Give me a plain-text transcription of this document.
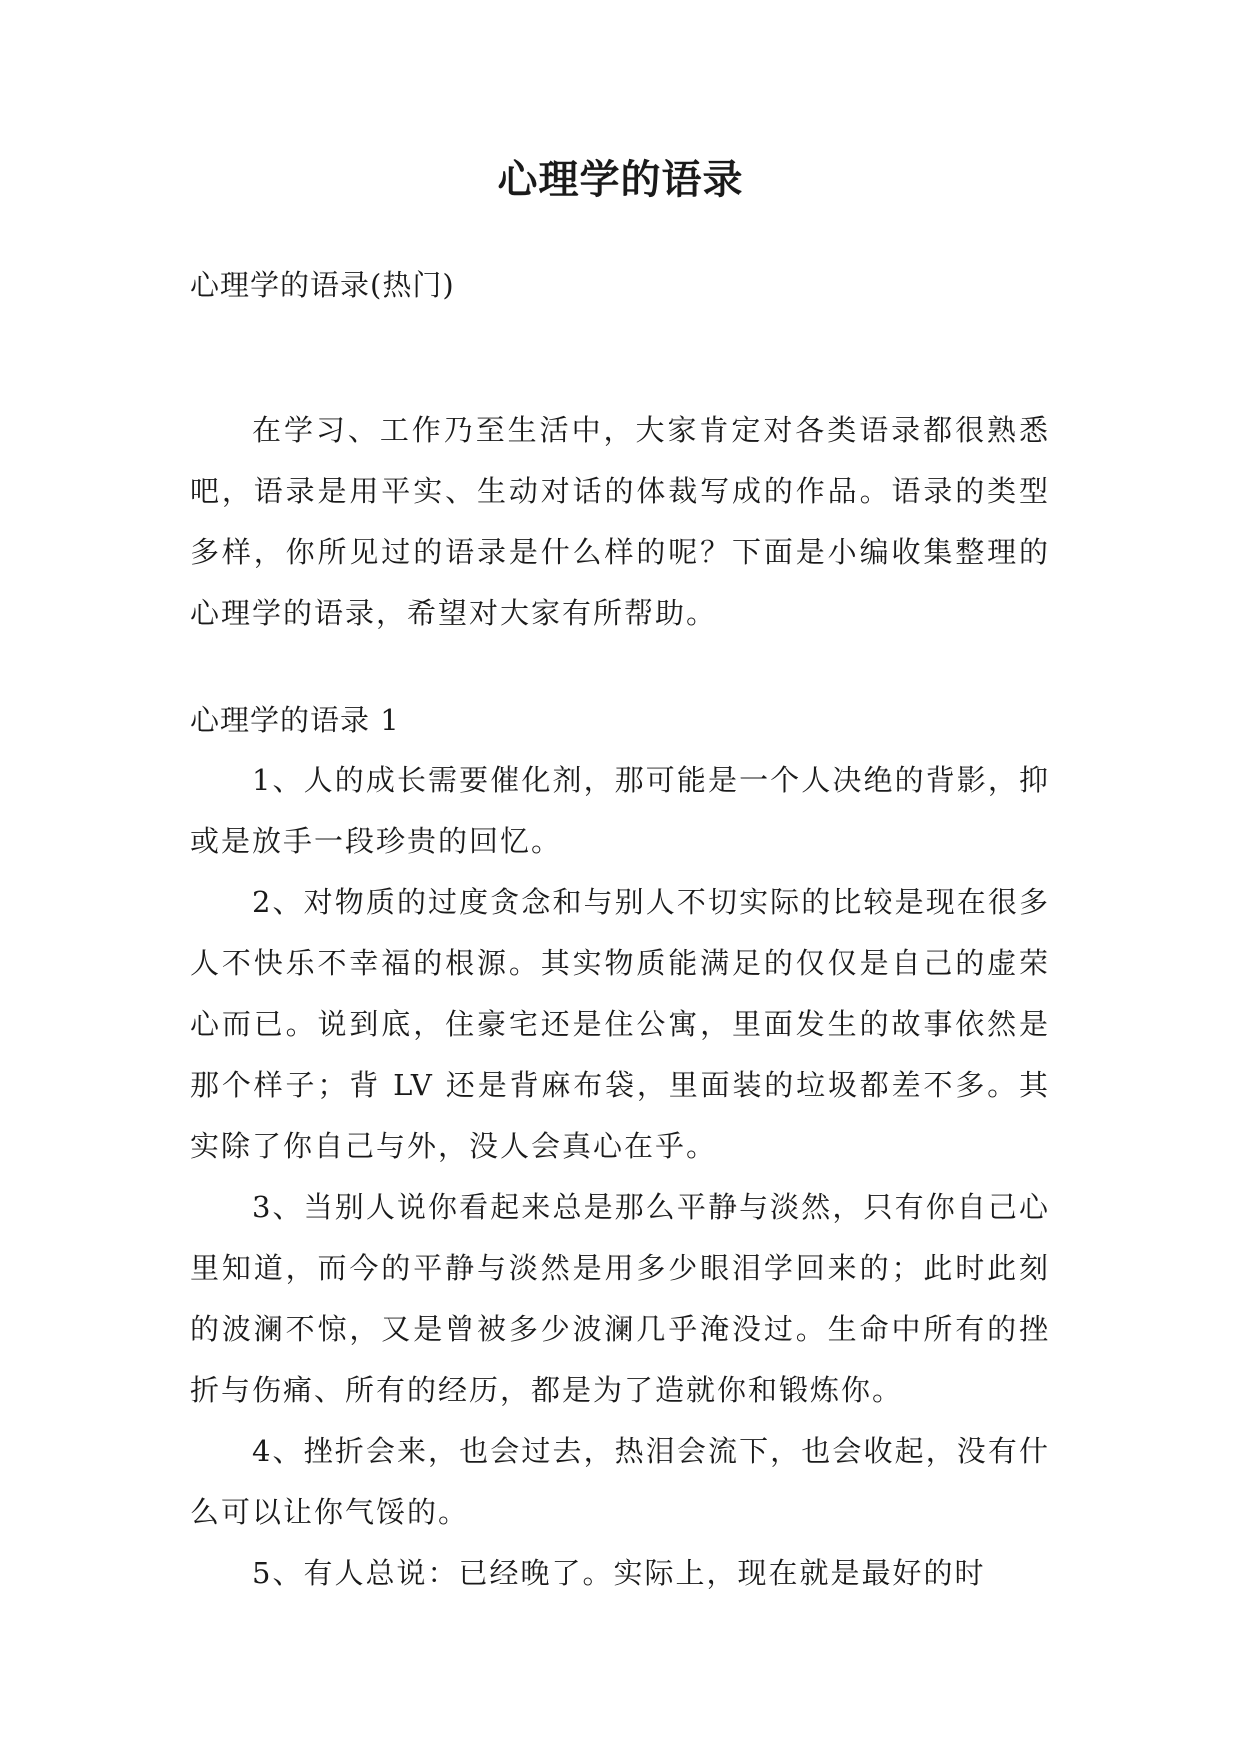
心理学的语录

心理学的语录(热门)

在学习、工作乃至生活中，大家肯定对各类语录都很熟悉吧，语录是用平实、生动对话的体裁写成的作品。语录的类型多样，你所见过的语录是什么样的呢？下面是小编收集整理的心理学的语录，希望对大家有所帮助。

心理学的语录 1

1、人的成长需要催化剂，那可能是一个人决绝的背影，抑或是放手一段珍贵的回忆。
2、对物质的过度贪念和与别人不切实际的比较是现在很多人不快乐不幸福的根源。其实物质能满足的仅仅是自己的虚荣心而已。说到底，住豪宅还是住公寓，里面发生的故事依然是那个样子；背 LV 还是背麻布袋，里面装的垃圾都差不多。其实除了你自己与外，没人会真心在乎。
3、当别人说你看起来总是那么平静与淡然，只有你自己心里知道，而今的平静与淡然是用多少眼泪学回来的；此时此刻的波澜不惊，又是曾被多少波澜几乎淹没过。生命中所有的挫折与伤痛、所有的经历，都是为了造就你和锻炼你。
4、挫折会来，也会过去，热泪会流下，也会收起，没有什么可以让你气馁的。
5、有人总说：已经晚了。实际上，现在就是最好的时
